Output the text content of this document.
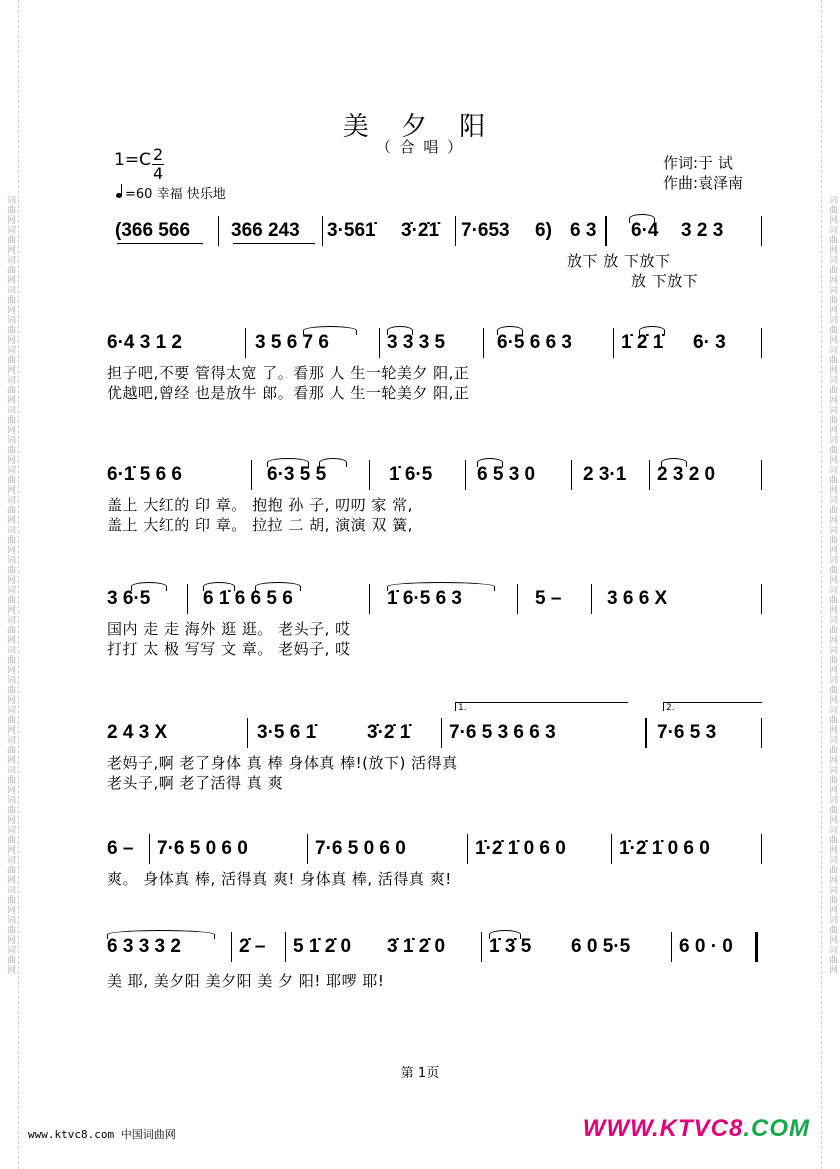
词曲网词曲网词曲网词曲网词曲网词曲网词曲网词曲网词曲网词曲网词曲网词曲网词曲网词曲网词曲网词曲网词曲网词曲网词曲网词曲网词曲网词曲网词曲网词曲网词曲网词曲网	词曲网词曲网词曲网词曲网词曲网词曲网词曲网词曲网词曲网词曲网词曲网词曲网词曲网词曲网词曲网词曲网词曲网词曲网词曲网词曲网词曲网词曲网词曲网词曲网词曲网词曲网
美 夕 阳
（ 合 唱 ）
$1=C \frac{2}{4}$
=60 幸福 快乐地
作词:于 试
作曲:袁泽南
(366 566 366 243 3·561̇ 3̇·2̇1̇ 7·653 6) 6 3 6·4 3 2 3
放下 放 下放下
放 下放下
6·4 3 1 2	3 5 6 7 6	3 3 3 5	6·5 6 6 3	1̇ 2̇ 1̇ 6· 3
担子吧,不要 管得太宽 了。看那 人 生一轮美夕 阳,正
优越吧,曾经 也是放牛 郎。看那 人 生一轮美夕 阳,正
6·1̇ 5 6 6	6·3 5 5	1̇ 6·5 6 5 3 0	2 3·1 2 3 2 0
盖上 大红的 印 章。 抱抱 孙 子, 叨叨 家 常,
盖上 大红的 印 章。 拉拉 二 胡, 演演 双 簧,
3 6·5	6 1̇ 6 6 5 6	1̇ 6·5 6 3	5 – 3 6 6 X
国内 走 走 海外 逛 逛。 老头子, 哎
打打 太 极 写写 文 章。 老妈子, 哎
1.	2.
2 4 3 X	3·5 6 1̇	3̇·2̇ 1̇ 7·6 5 3 6 6 3	7·6 5 3
老妈子,啊 老了身体 真 棒 身体真 棒!(放下) 活得真
老头子,啊 老了活得 真 爽
6 – 7·6 5 0 6 0	7·6 5 0 6 0	1̇·2̇ 1̇ 0 6 0	1̇·2̇ 1̇ 0 6 0
爽。 身体真 棒, 活得真 爽! 身体真 棒, 活得真 爽!
6 3 3 3 2	2̇ – 5 1̇ 2̇ 0 3̇ 1̇ 2̇ 0 1̇ 3̇ 5 6 0 5·5	6 0 · 0
美 耶, 美夕阳 美夕阳 美 夕 阳! 耶啰 耶!
第 1页
www.ktvc8.com 中国词曲网	WWW.KTVC8.COM
